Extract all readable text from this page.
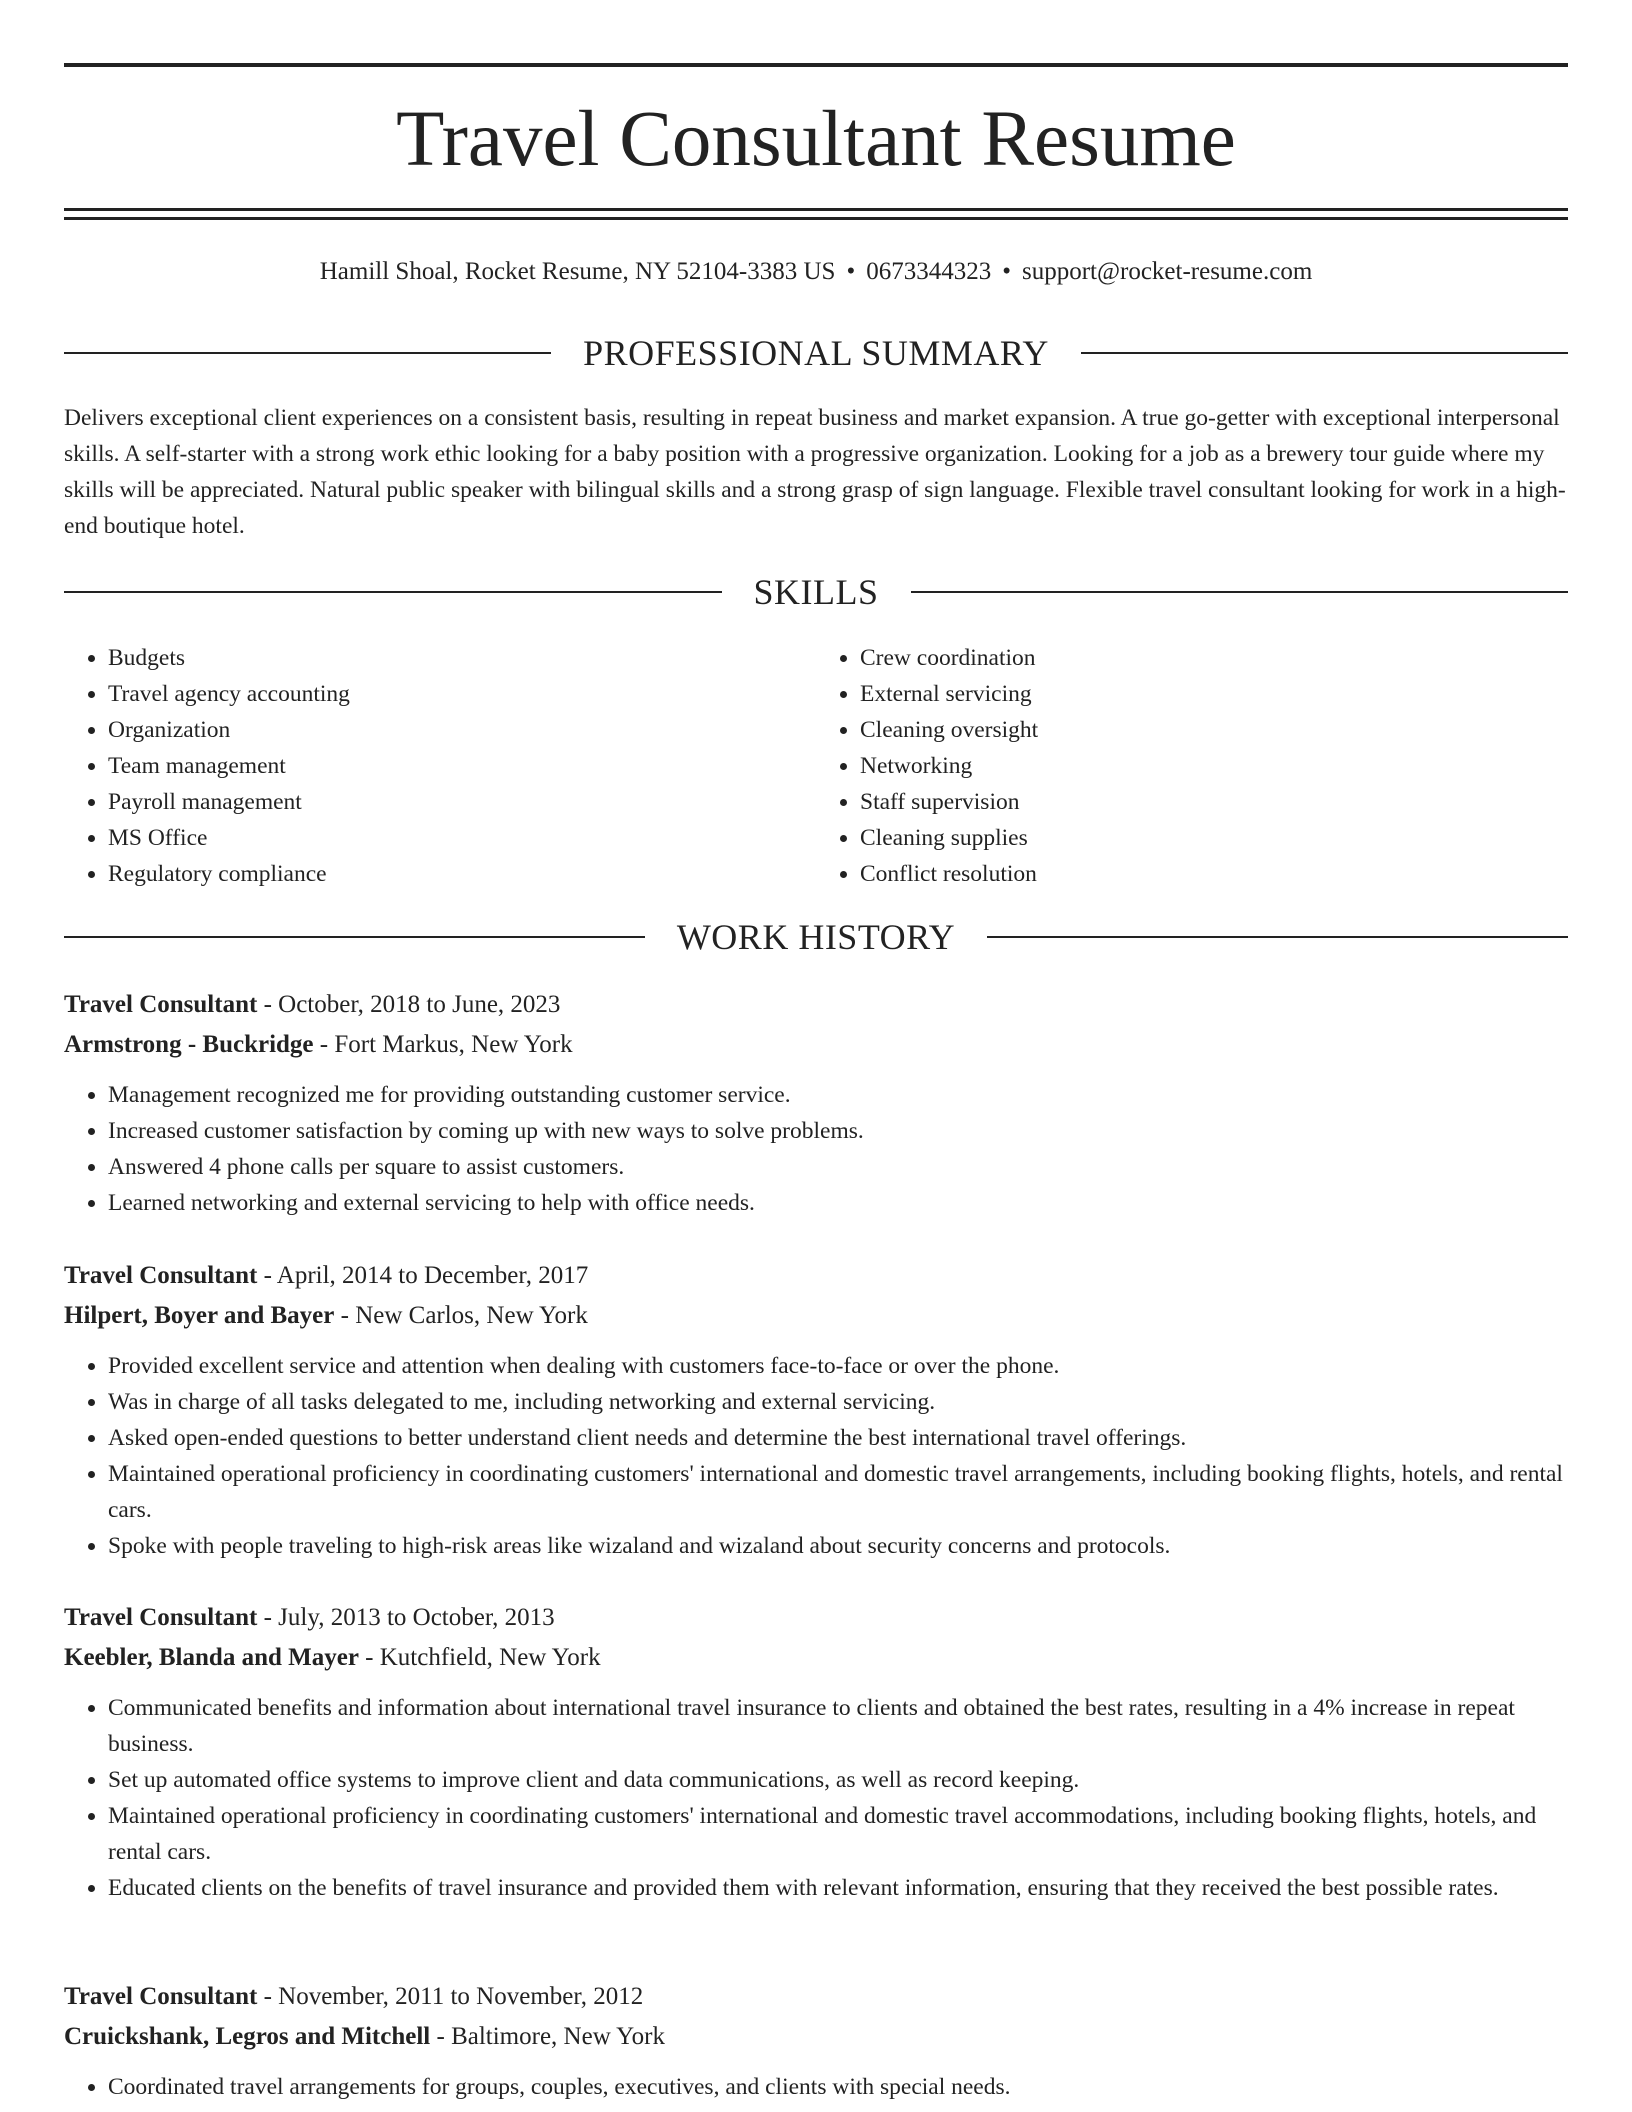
Travel Consultant Resume
Hamill Shoal, Rocket Resume, NY 52104-3383 US • 0673344323 • support@rocket-resume.com
PROFESSIONAL SUMMARY

Delivers exceptional client experiences on a consistent basis, resulting in repeat business and market expansion. A true go-getter with exceptional interpersonal skills. A self-starter with a strong work ethic looking for a baby position with a progressive organization. Looking for a job as a brewery tour guide where my skills will be appreciated. Natural public speaker with bilingual skills and a strong grasp of sign language. Flexible travel consultant looking for work in a high-end boutique hotel.

SKILLS
• Budgets
• Travel agency accounting
• Organization
• Team management
• Payroll management
• MS Office
• Regulatory compliance
• Crew coordination
• External servicing
• Cleaning oversight
• Networking
• Staff supervision
• Cleaning supplies
• Conflict resolution
WORK HISTORY
Travel Consultant - October, 2018 to June, 2023
Armstrong - Buckridge - Fort Markus, New York
• Management recognized me for providing outstanding customer service.
• Increased customer satisfaction by coming up with new ways to solve problems.
• Answered 4 phone calls per square to assist customers.
• Learned networking and external servicing to help with office needs.
Travel Consultant - April, 2014 to December, 2017
Hilpert, Boyer and Bayer - New Carlos, New York
• Provided excellent service and attention when dealing with customers face-to-face or over the phone.
• Was in charge of all tasks delegated to me, including networking and external servicing.
• Asked open-ended questions to better understand client needs and determine the best international travel offerings.
• Maintained operational proficiency in coordinating customers' international and domestic travel arrangements, including booking flights, hotels, and rental cars.
• Spoke with people traveling to high-risk areas like wizaland and wizaland about security concerns and protocols.
Travel Consultant - July, 2013 to October, 2013
Keebler, Blanda and Mayer - Kutchfield, New York
• Communicated benefits and information about international travel insurance to clients and obtained the best rates, resulting in a 4% increase in repeat business.
• Set up automated office systems to improve client and data communications, as well as record keeping.
• Maintained operational proficiency in coordinating customers' international and domestic travel accommodations, including booking flights, hotels, and rental cars.
• Educated clients on the benefits of travel insurance and provided them with relevant information, ensuring that they received the best possible rates.
Travel Consultant - November, 2011 to November, 2012
Cruickshank, Legros and Mitchell - Baltimore, New York
• Coordinated travel arrangements for groups, couples, executives, and clients with special needs.
